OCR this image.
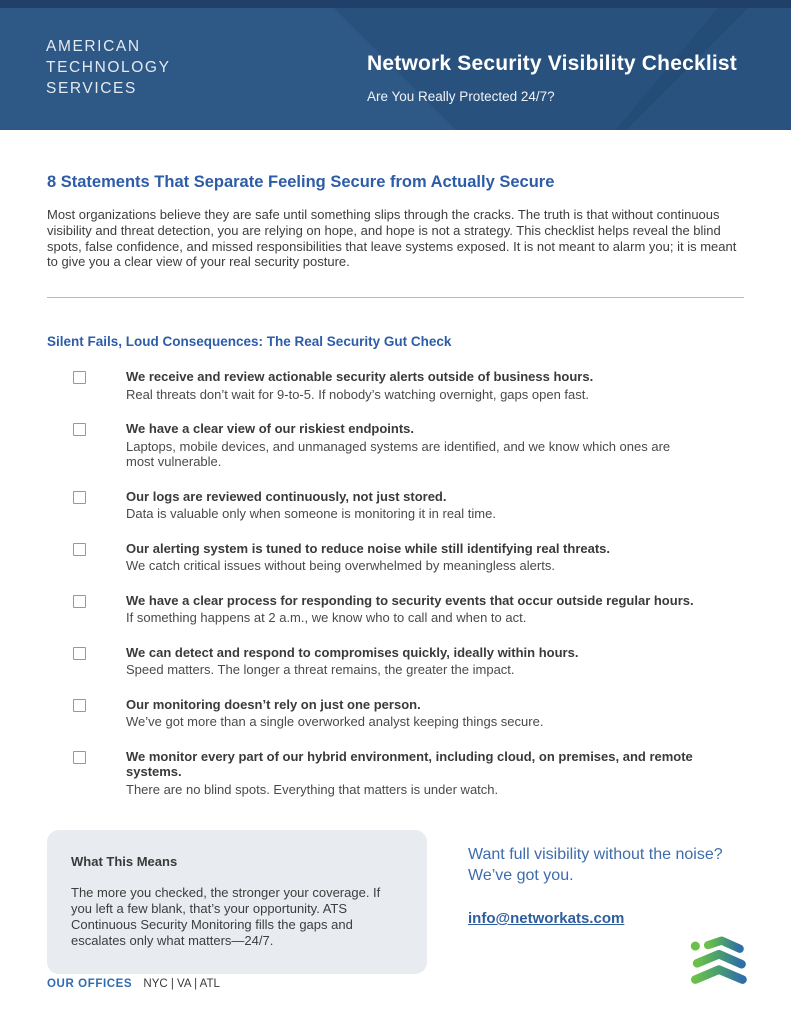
AMERICAN
TECHNOLOGY
SERVICES
Network Security Visibility Checklist
Are You Really Protected 24/7?
8 Statements That Separate Feeling Secure from Actually Secure
Most organizations believe they are safe until something slips through the cracks. The truth is that without continuous visibility and threat detection, you are relying on hope, and hope is not a strategy. This checklist helps reveal the blind spots, false confidence, and missed responsibilities that leave systems exposed. It is not meant to alarm you; it is meant to give you a clear view of your real security posture.
Silent Fails, Loud Consequences: The Real Security Gut Check
We receive and review actionable security alerts outside of business hours.
Real threats don’t wait for 9-to-5. If nobody’s watching overnight, gaps open fast.
We have a clear view of our riskiest endpoints.
Laptops, mobile devices, and unmanaged systems are identified, and we know which ones are most vulnerable.
Our logs are reviewed continuously, not just stored.
Data is valuable only when someone is monitoring it in real time.
Our alerting system is tuned to reduce noise while still identifying real threats.
We catch critical issues without being overwhelmed by meaningless alerts.
We have a clear process for responding to security events that occur outside regular hours.
If something happens at 2 a.m., we know who to call and when to act.
We can detect and respond to compromises quickly, ideally within hours.
Speed matters. The longer a threat remains, the greater the impact.
Our monitoring doesn’t rely on just one person.
We’ve got more than a single overworked analyst keeping things secure.
We monitor every part of our hybrid environment, including cloud, on premises, and remote systems.
There are no blind spots. Everything that matters is under watch.
What This Means
The more you checked, the stronger your coverage. If you left a few blank, that’s your opportunity. ATS Continuous Security Monitoring fills the gaps and escalates only what matters—24/7.
Want full visibility without the noise?
We’ve got you.
info@networkats.com
OUR OFFICES NYC | VA | ATL
